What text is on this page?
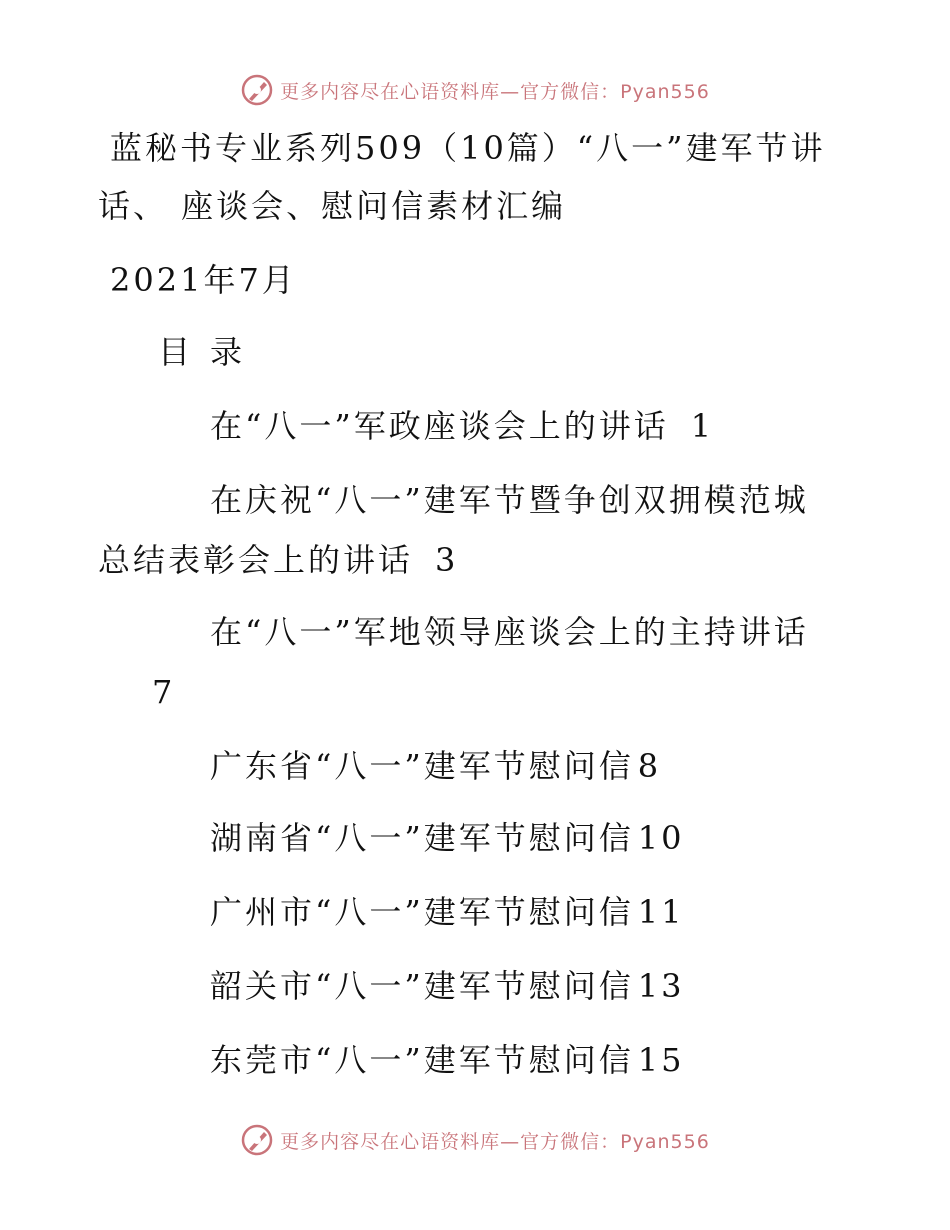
更多内容尽在心语资料库—官方微信：Pyan556
蓝秘书专业系列509（10篇）“八一”建军节讲
话、 座谈会、慰问信素材汇编
2021年7月
目录
在“八一”军政座谈会上的讲话 1
在庆祝“八一”建军节暨争创双拥模范城
总结表彰会上的讲话 3
在“八一”军地领导座谈会上的主持讲话
7
广东省“八一”建军节慰问信 8
湖南省“八一”建军节慰问信 10
广州市“八一”建军节慰问信 11
韶关市“八一”建军节慰问信 13
东莞市“八一”建军节慰问信 15
更多内容尽在心语资料库—官方微信：Pyan556
